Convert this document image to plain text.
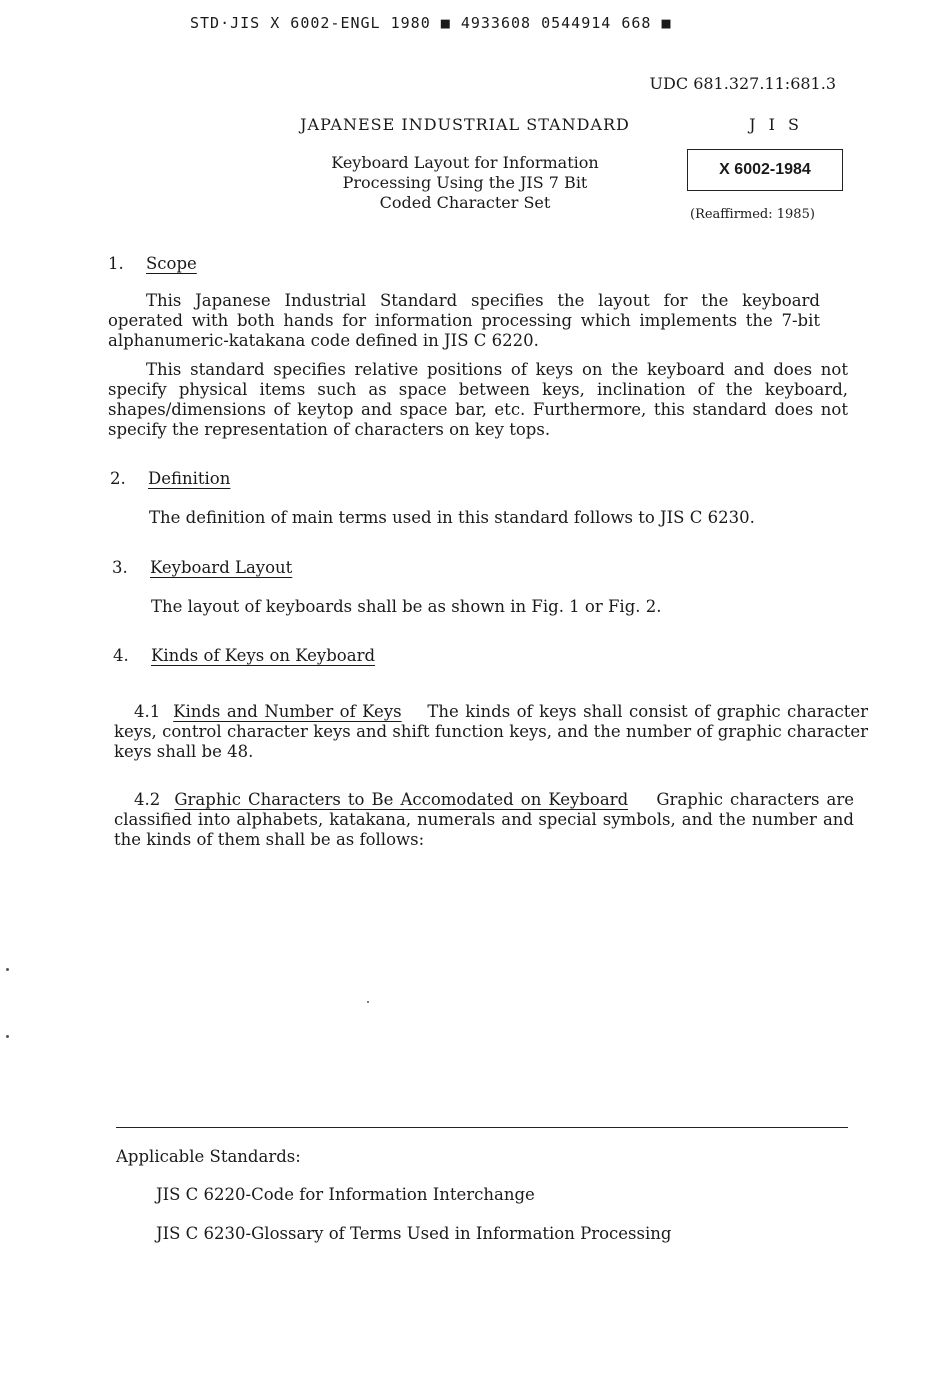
STD·JIS X 6002-ENGL 1980 ■ 4933608 0544914 668 ■
UDC 681.327.11:681.3
JAPANESE INDUSTRIAL STANDARD	J I S
Keyboard Layout for Information
Processing Using the JIS 7 Bit
Coded Character Set
X 6002-1984
(Reaffirmed: 1985)
1. Scope
This Japanese Industrial Standard specifies the layout for the keyboard operated with both hands for information processing which implements the 7-bit alphanumeric-katakana code defined in JIS C 6220.
This standard specifies relative positions of keys on the keyboard and does not specify physical items such as space between keys, inclination of the keyboard, shapes/dimensions of keytop and space bar, etc. Furthermore, this standard does not specify the representation of characters on key tops.
2. Definition
The definition of main terms used in this standard follows to JIS C 6230.
3. Keyboard Layout
The layout of keyboards shall be as shown in Fig. 1 or Fig. 2.
4. Kinds of Keys on Keyboard
4.1 Kinds and Number of Keys The kinds of keys shall consist of graphic character keys, control character keys and shift function keys, and the number of graphic character keys shall be 48.
4.2 Graphic Characters to Be Accomodated on Keyboard Graphic characters are classified into alphabets, katakana, numerals and special symbols, and the number and the kinds of them shall be as follows:
Applicable Standards:
JIS C 6220-Code for Information Interchange
JIS C 6230-Glossary of Terms Used in Information Processing
